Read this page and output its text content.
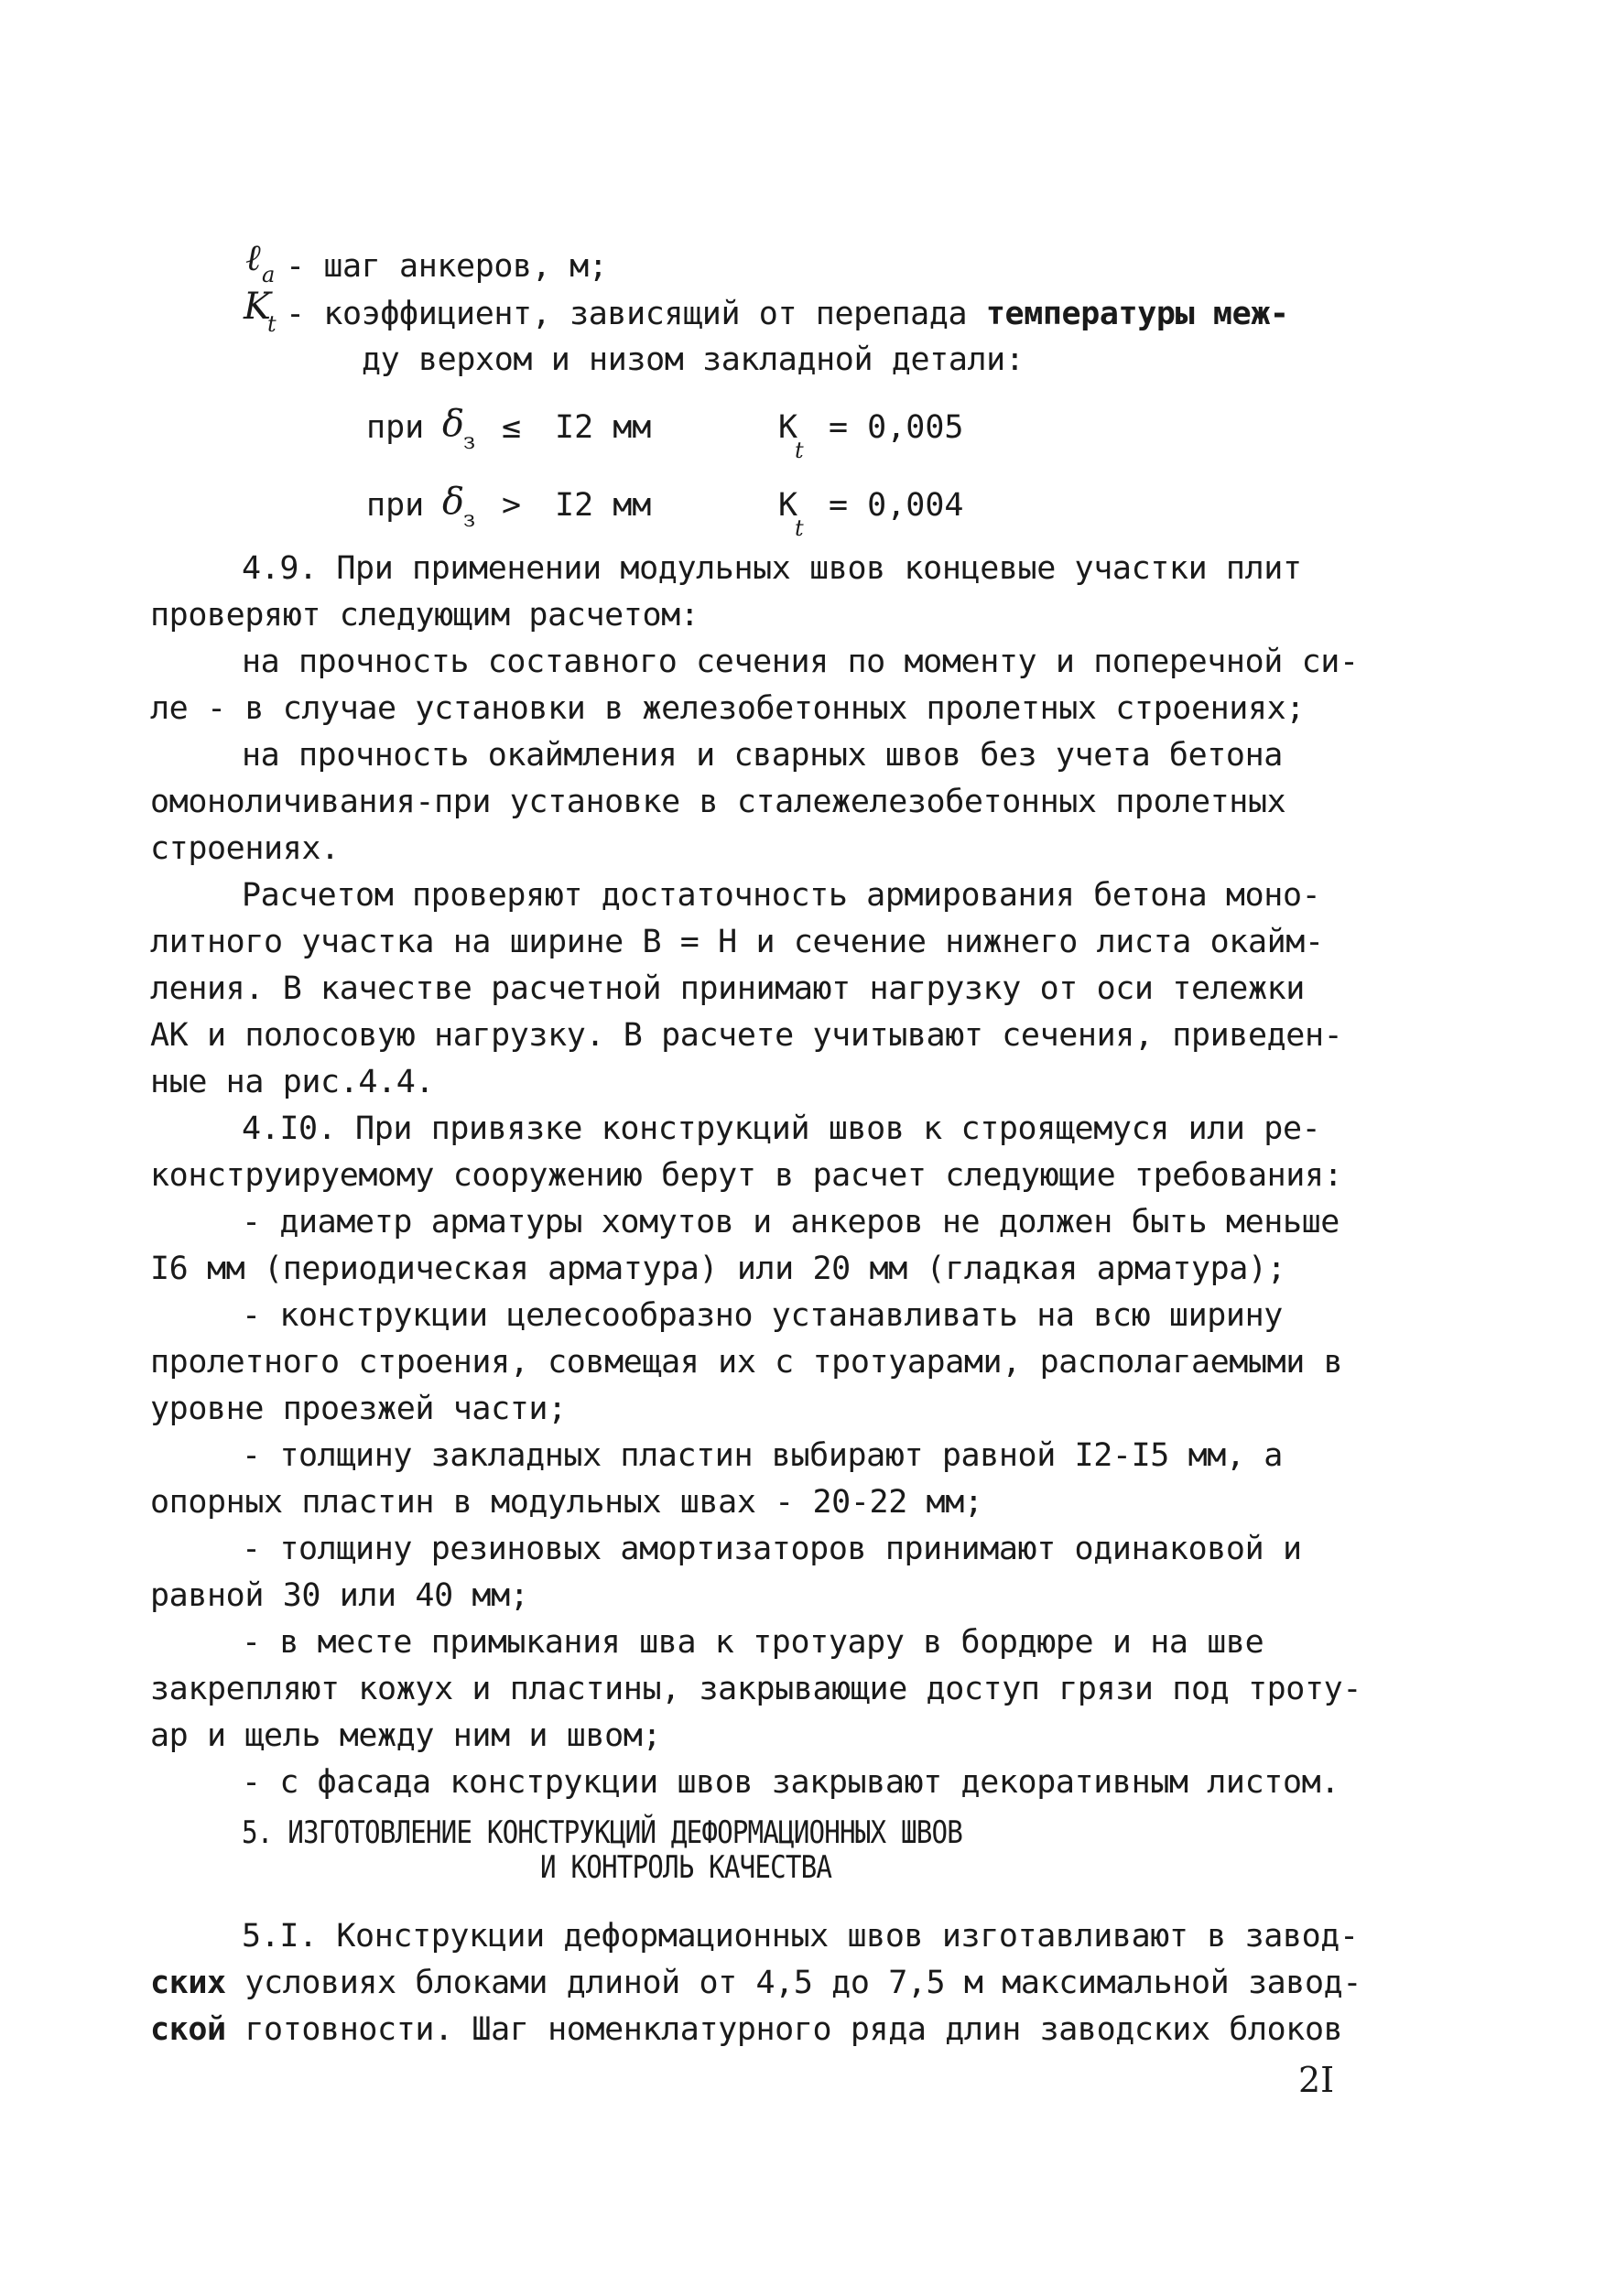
ℓ a - шаг анкеров, м;
K
t - коэффициент, зависящий от перепада температуры меж-
ду верхом и низом закладной детали:
при δ
з ≤ I2 мм	K
t
= 0,005
при δ
з > I2 мм	K
t
= 0,004
4.9. При применении модульных швов концевые участки плит
проверяют следующим расчетом:
на прочность составного сечения по моменту и поперечной си-
ле - в случае установки в железобетонных пролетных строениях;
на прочность окаймления и сварных швов без учета бетона
омоноличивания-при установке в сталежелезобетонных пролетных
строениях.
Расчетом проверяют достаточность армирования бетона моно-
литного участка на ширине В = Н и сечение нижнего листа окайм-
ления. В качестве расчетной принимают нагрузку от оси тележки
АК и полосовую нагрузку. В расчете учитывают сечения, приведен-
ные на рис.4.4.
4.I0. При привязке конструкций швов к строящемуся или ре-
конструируемому сооружению берут в расчет следующие требования:
- диаметр арматуры хомутов и анкеров не должен быть меньше
I6 мм (периодическая арматура) или 20 мм (гладкая арматура);
- конструкции целесообразно устанавливать на всю ширину
пролетного строения, совмещая их с тротуарами, располагаемыми в
уровне проезжей части;
- толщину закладных пластин выбирают равной I2-I5 мм, а
опорных пластин в модульных швах - 20-22 мм;
- толщину резиновых амортизаторов принимают одинаковой и
равной 30 или 40 мм;
- в месте примыкания шва к тротуару в бордюре и на шве
закрепляют кожух и пластины, закрывающие доступ грязи под троту-
ар и щель между ним и швом;
- с фасада конструкции швов закрывают декоративным листом.
5. ИЗГОТОВЛЕНИЕ КОНСТРУКЦИЙ ДЕФОРМАЦИОННЫХ ШВОВ
И КОНТРОЛЬ КАЧЕСТВА
5.I. Конструкции деформационных швов изготавливают в завод-
ских условиях блоками длиной от 4,5 до 7,5 м максимальной завод-
ской готовности. Шаг номенклатурного ряда длин заводских блоков
2I
